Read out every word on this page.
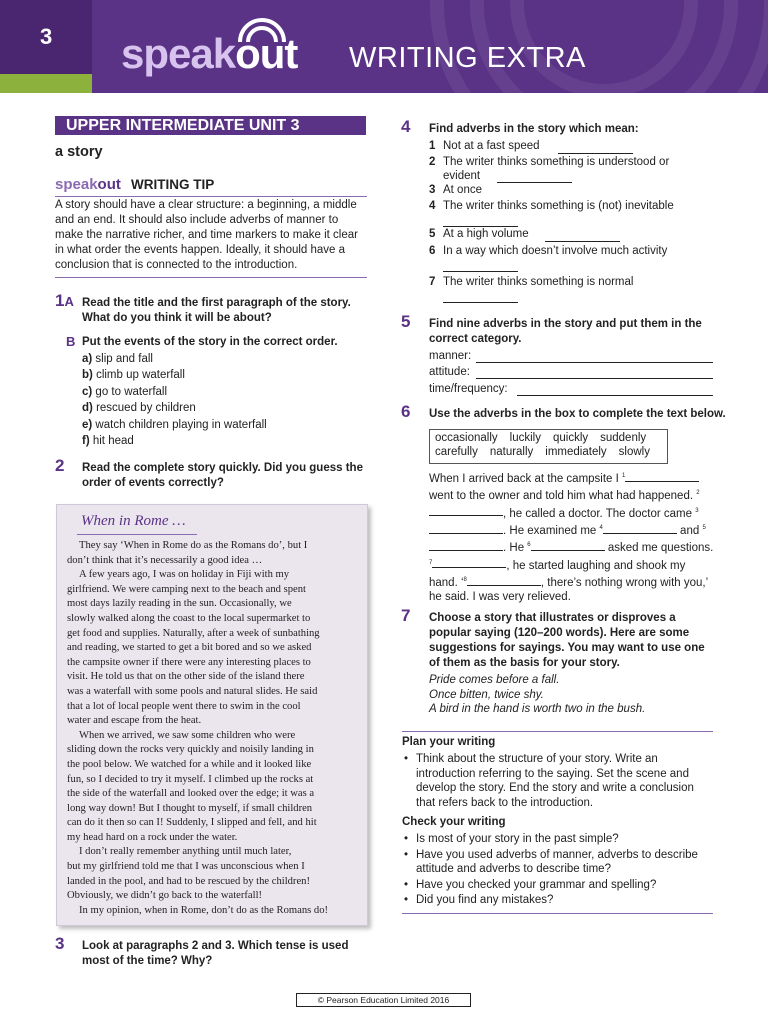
3	speakout WRITING EXTRA
UPPER INTERMEDIATE UNIT 3
a story
speakout WRITING TIP
A story should have a clear structure: a beginning, a middle and an end. It should also include adverbs of manner to make the narrative richer, and time markers to make it clear in what order the events happen. Ideally, it should have a conclusion that is connected to the introduction.
1A Read the title and the first paragraph of the story. What do you think it will be about?
B Put the events of the story in the correct order.
a) slip and fall
b) climb up waterfall
c) go to waterfall
d) rescued by children
e) watch children playing in waterfall
f) hit head
2 Read the complete story quickly. Did you guess the order of events correctly?
When in Rome …
They say ‘When in Rome do as the Romans do’, but I
don’t think that it’s necessarily a good idea …
A few years ago, I was on holiday in Fiji with my
girlfriend. We were camping next to the beach and spent
most days lazily reading in the sun. Occasionally, we
slowly walked along the coast to the local supermarket to
get food and supplies. Naturally, after a week of sunbathing
and reading, we started to get a bit bored and so we asked
the campsite owner if there were any interesting places to
visit. He told us that on the other side of the island there
was a waterfall with some pools and natural slides. He said
that a lot of local people went there to swim in the cool
water and escape from the heat.
When we arrived, we saw some children who were
sliding down the rocks very quickly and noisily landing in
the pool below. We watched for a while and it looked like
fun, so I decided to try it myself. I climbed up the rocks at
the side of the waterfall and looked over the edge; it was a
long way down! But I thought to myself, if small children
can do it then so can I! Suddenly, I slipped and fell, and hit
my head hard on a rock under the water.
I don’t really remember anything until much later,
but my girlfriend told me that I was unconscious when I
landed in the pool, and had to be rescued by the children!
Obviously, we didn’t go back to the waterfall!
In my opinion, when in Rome, don’t do as the Romans do!
3 Look at paragraphs 2 and 3. Which tense is used most of the time? Why?
4 Find adverbs in the story which mean:
1 Not at a fast speed
2 The writer thinks something is understood or
evident
3 At once
4 The writer thinks something is (not) inevitable
5 At a high volume
6 In a way which doesn’t involve much activity
7 The writer thinks something is normal
5 Find nine adverbs in the story and put them in the correct category.
manner:
attitude:
time/frequency:
6 Use the adverbs in the box to complete the text below.
occasionally luckily quickly suddenly
carefully naturally immediately slowly
When I arrived back at the campsite I $^1$ went to the owner and told him what had happened. $^2$, he called a doctor. The doctor came $^3$. He examined me $^4$	and $^5$. He $^6$	asked me questions. $^7$	, he started laughing and shook my hand. ‘$^8$	, there’s nothing wrong with you,’ he said. I was very relieved.
7 Choose a story that illustrates or disproves a popular saying (120–200 words). Here are some suggestions for sayings. You may want to use one of them as the basis for your story.
Pride comes before a fall.
Once bitten, twice shy.
A bird in the hand is worth two in the bush.
Plan your writing
• Think about the structure of your story. Write an introduction referring to the saying. Set the scene and develop the story. End the story and write a conclusion that refers back to the introduction.
Check your writing
• Is most of your story in the past simple?
• Have you used adverbs of manner, adverbs to describe attitude and adverbs to describe time?
• Have you checked your grammar and spelling?
• Did you find any mistakes?
© Pearson Education Limited 2016
